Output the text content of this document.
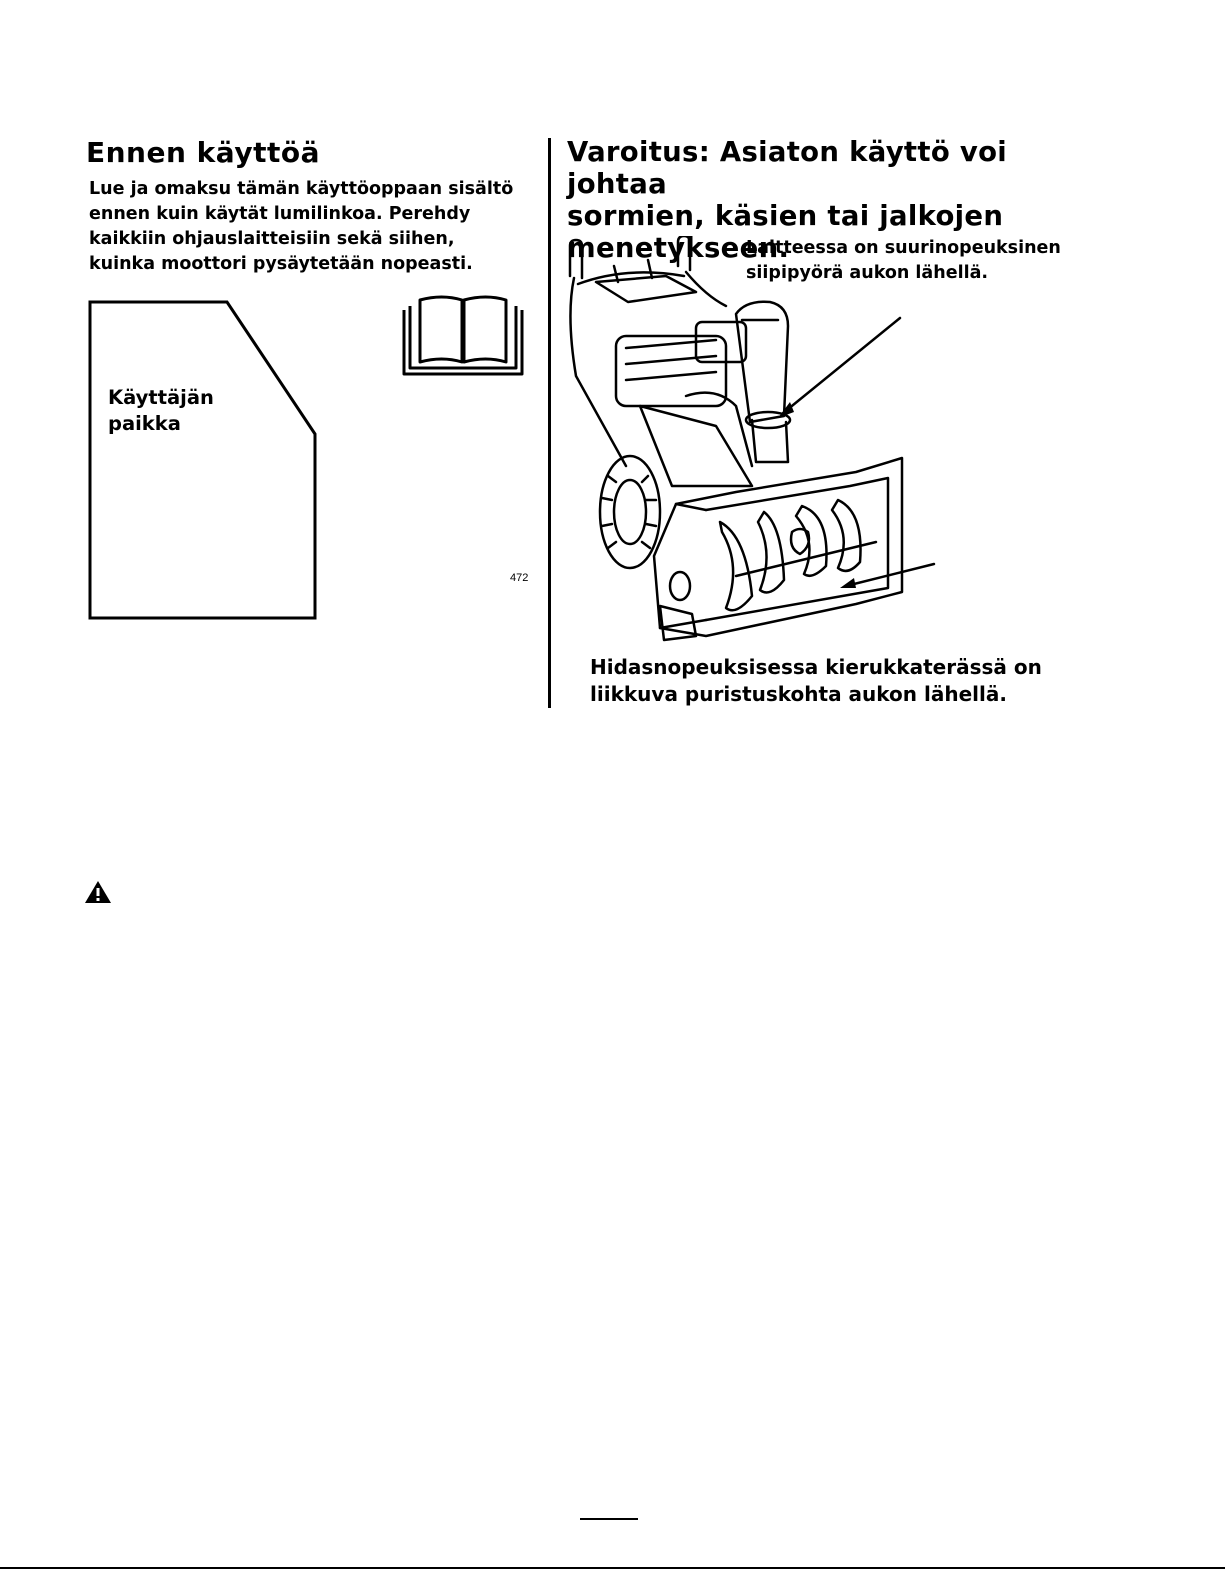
Ennen käyttöä

Lue ja omaksu tämän käyttöoppaan sisältö
ennen kuin käytät lumilinkoa. Perehdy
kaikkiin ohjauslaitteisiin sekä siihen,
kuinka moottori pysäytetään nopeasti.

Käyttäjän
paikka

472
Varoitus: Asiaton käyttö voi johtaa
sormien, käsien tai jalkojen
menetykseen.

Laitteessa on suurinopeuksinen
siipipyörä aukon lähellä.

Hidasnopeuksisessa kierukkaterässä on
liikkuva puristuskohta aukon lähellä.
